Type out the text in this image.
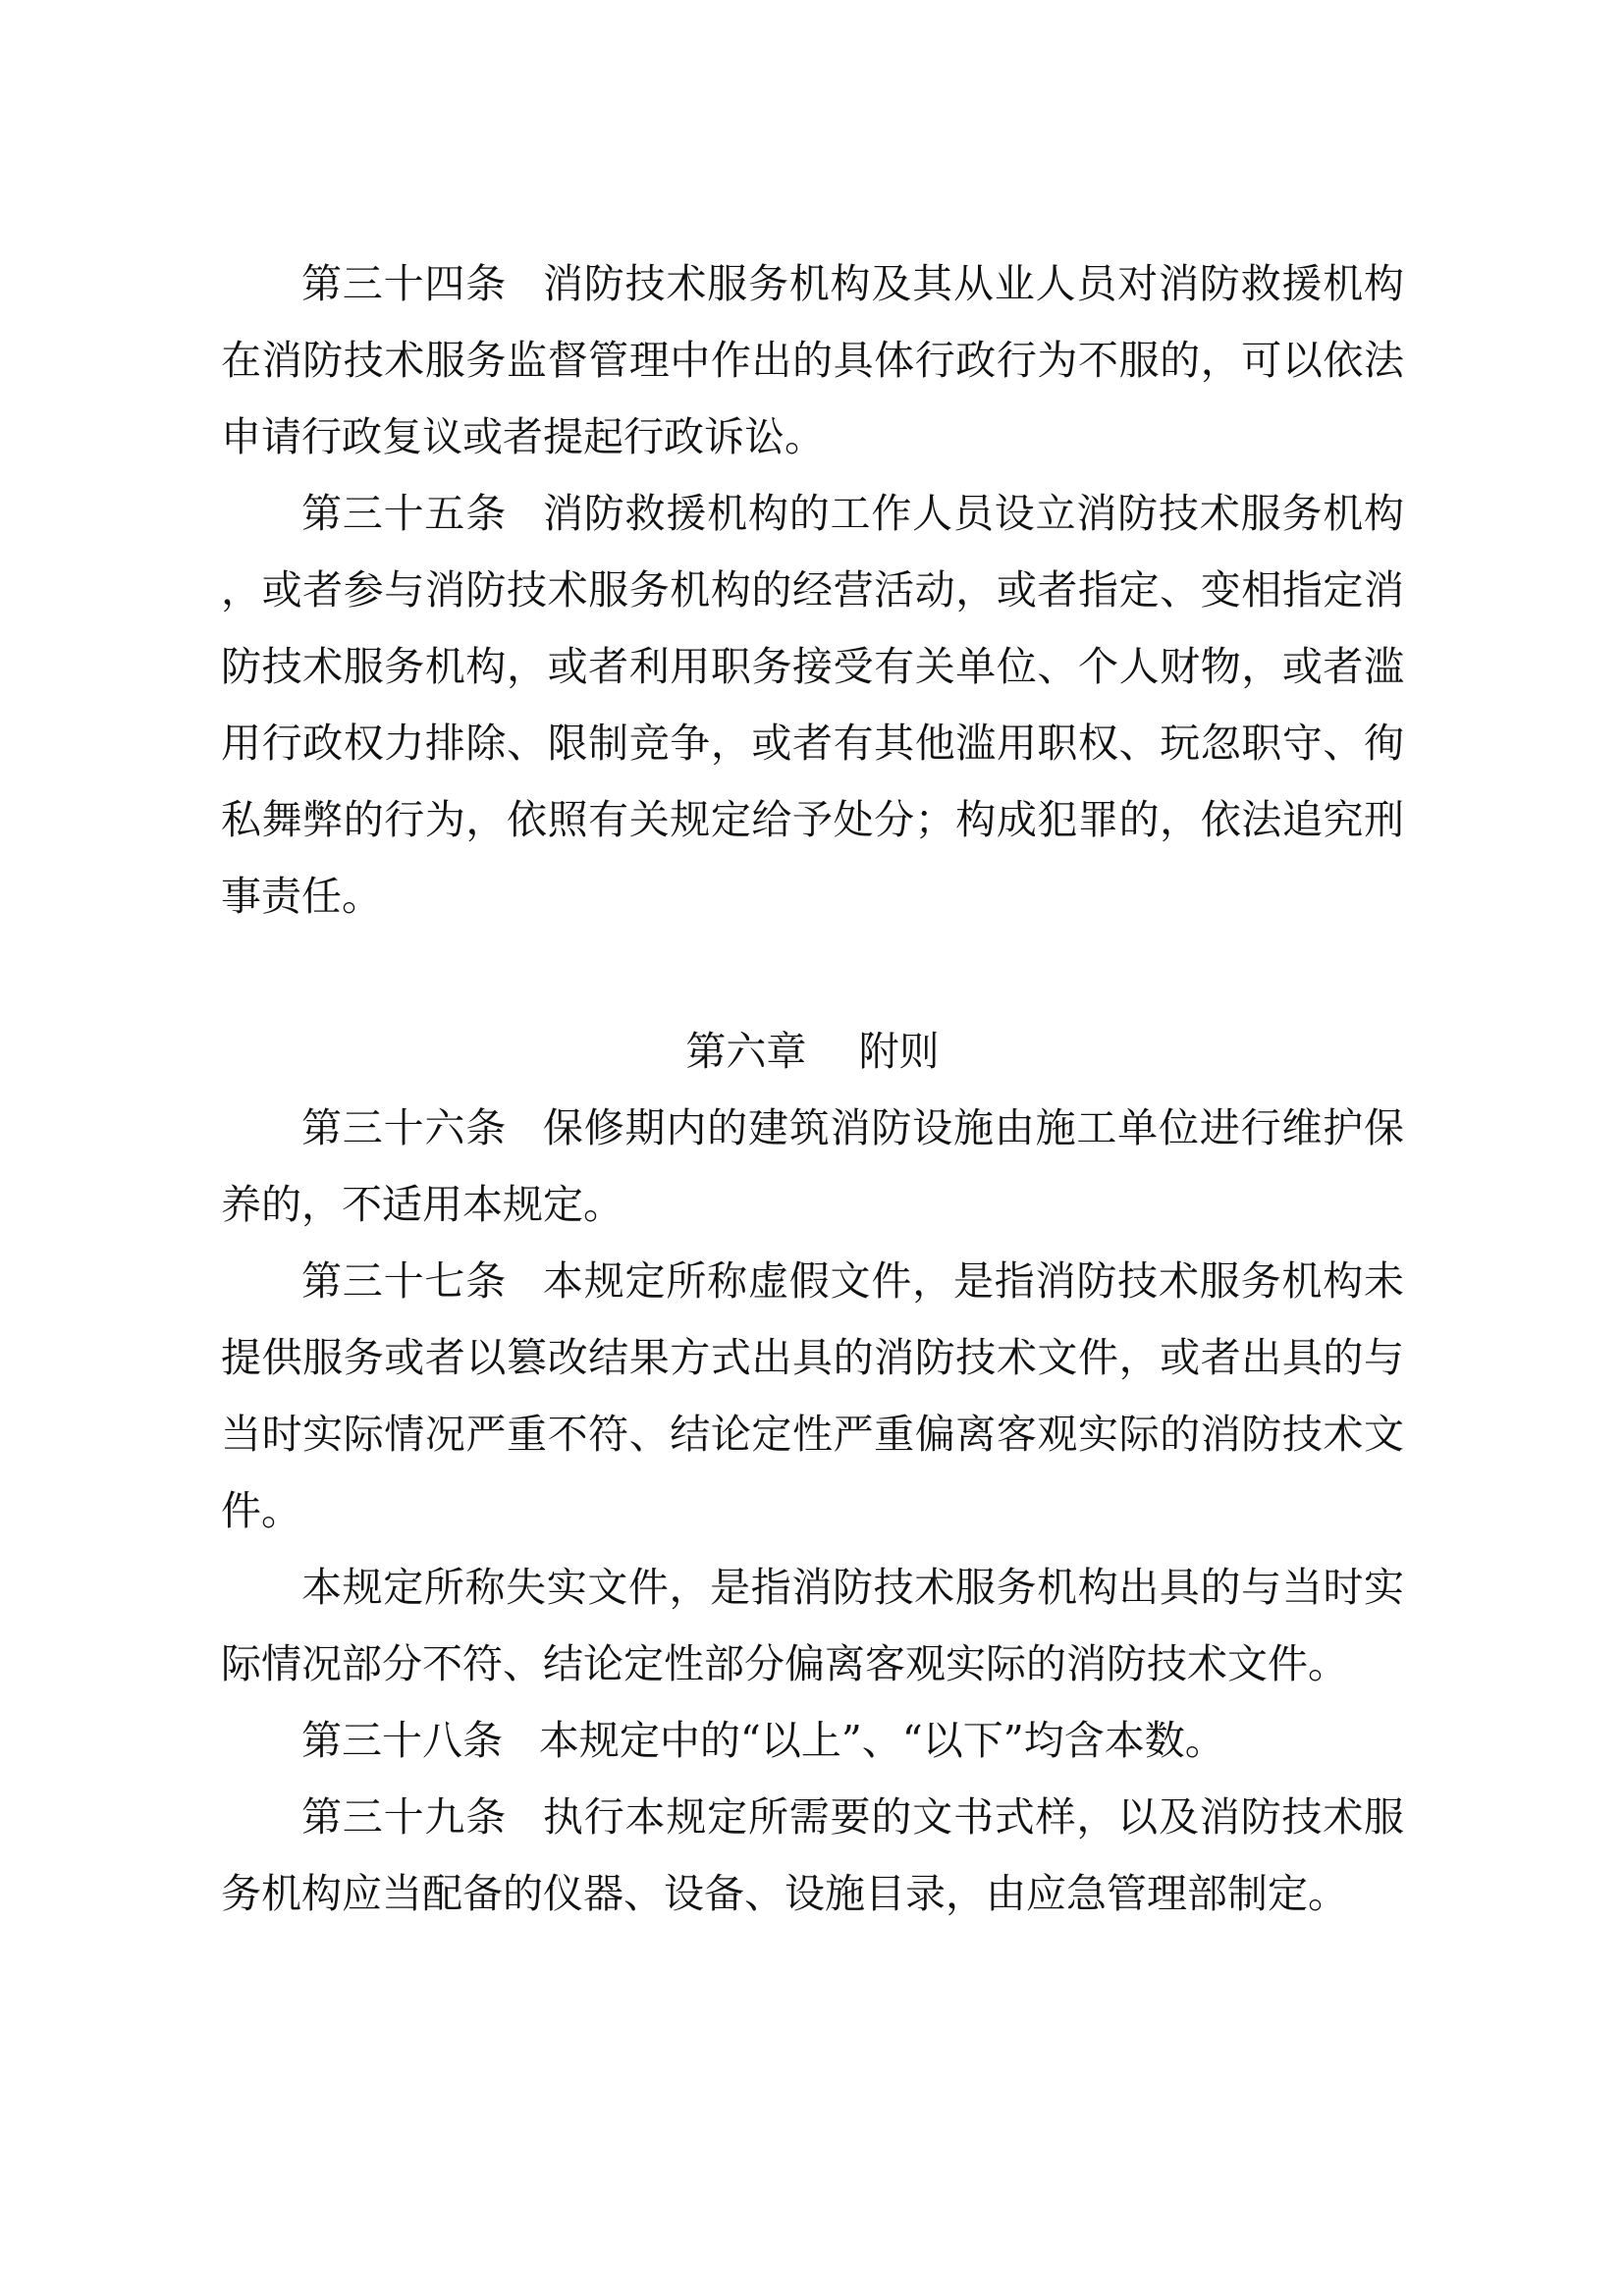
第三十四条 消防技术服务机构及其从业人员对消防救援机构在消防技术服务监督管理中作出的具体行政行为不服的，可以依法申请行政复议或者提起行政诉讼。

第三十五条 消防救援机构的工作人员设立消防技术服务机构，或者参与消防技术服务机构的经营活动，或者指定、变相指定消防技术服务机构，或者利用职务接受有关单位、个人财物，或者滥用行政权力排除、限制竞争，或者有其他滥用职权、玩忽职守、徇私舞弊的行为，依照有关规定给予处分；构成犯罪的，依法追究刑事责任。

第六章 附则

第三十六条 保修期内的建筑消防设施由施工单位进行维护保养的，不适用本规定。

第三十七条 本规定所称虚假文件，是指消防技术服务机构未提供服务或者以篡改结果方式出具的消防技术文件，或者出具的与当时实际情况严重不符、结论定性严重偏离客观实际的消防技术文件。

本规定所称失实文件，是指消防技术服务机构出具的与当时实际情况部分不符、结论定性部分偏离客观实际的消防技术文件。

第三十八条 本规定中的“以上”、“以下”均含本数。

第三十九条 执行本规定所需要的文书式样，以及消防技术服务机构应当配备的仪器、设备、设施目录，由应急管理部制定。
